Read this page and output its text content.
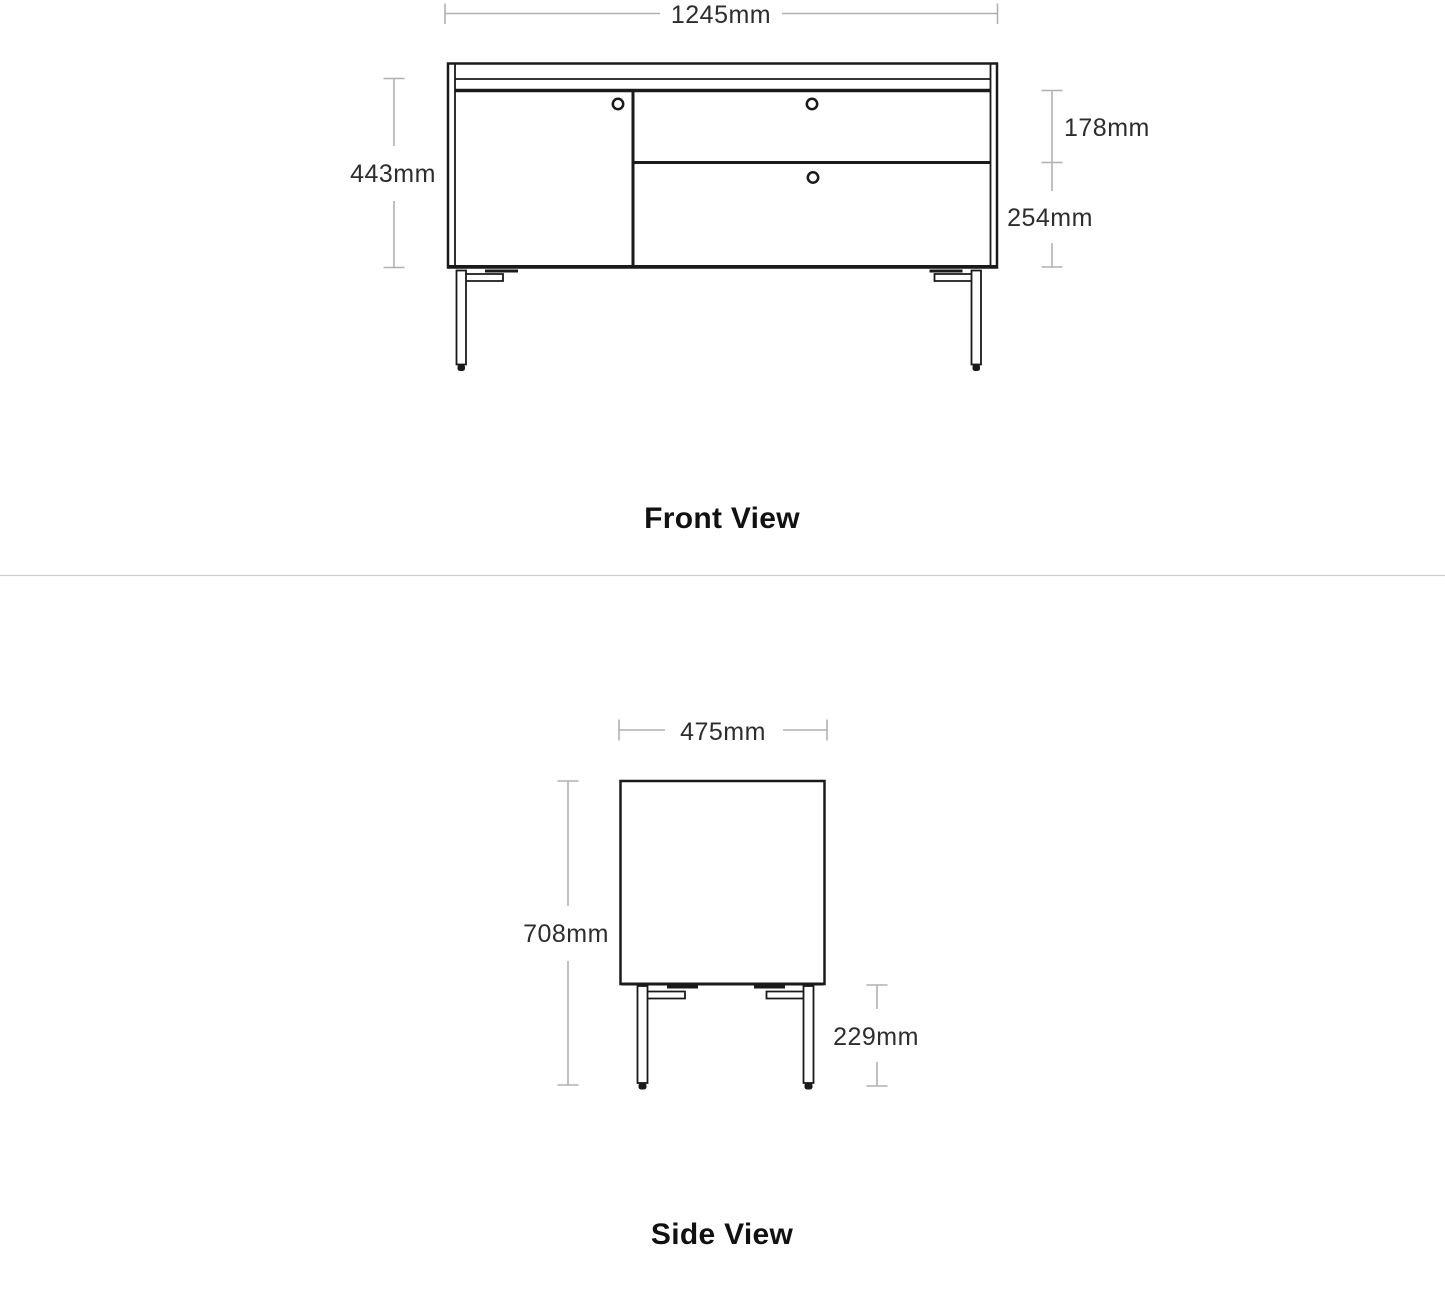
1245mm
443mm
178mm
254mm
Front View
475mm
708mm
229mm
Side View
